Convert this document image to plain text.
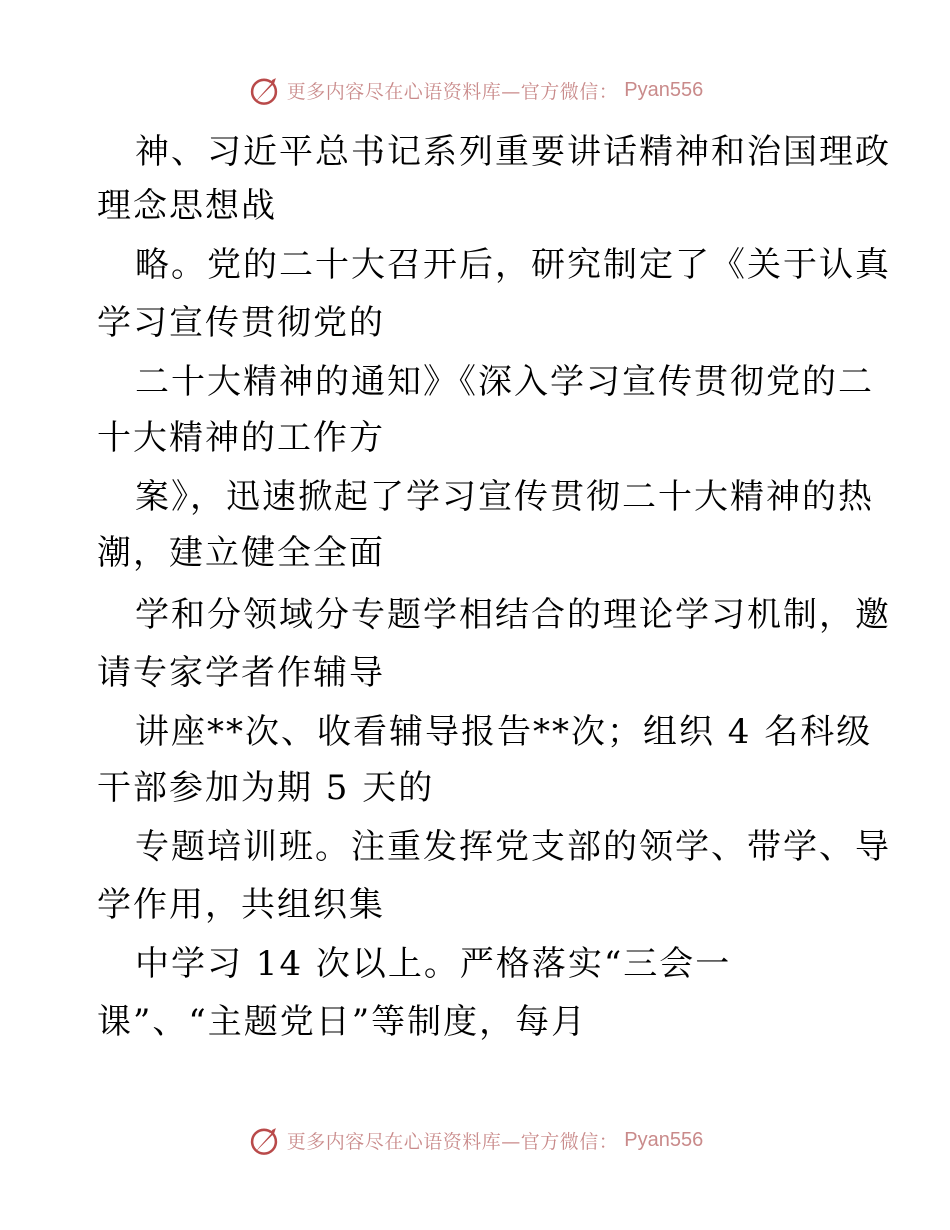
更多内容尽在心语资料库—官方微信： Pyan556
神、习近平总书记系列重要讲话精神和治国理政
理念思想战
略。党的二十大召开后，研究制定了《关于认真
学习宣传贯彻党的
二十大精神的通知》《深入学习宣传贯彻党的二
十大精神的工作方
案》，迅速掀起了学习宣传贯彻二十大精神的热
潮，建立健全全面
学和分领域分专题学相结合的理论学习机制，邀
请专家学者作辅导
讲座**次、收看辅导报告**次；组织 4 名科级
干部参加为期 5 天的
专题培训班。注重发挥党支部的领学、带学、导
学作用，共组织集
中学习 14 次以上。严格落实“三会一
课”、“主题党日”等制度，每月
更多内容尽在心语资料库—官方微信： Pyan556
